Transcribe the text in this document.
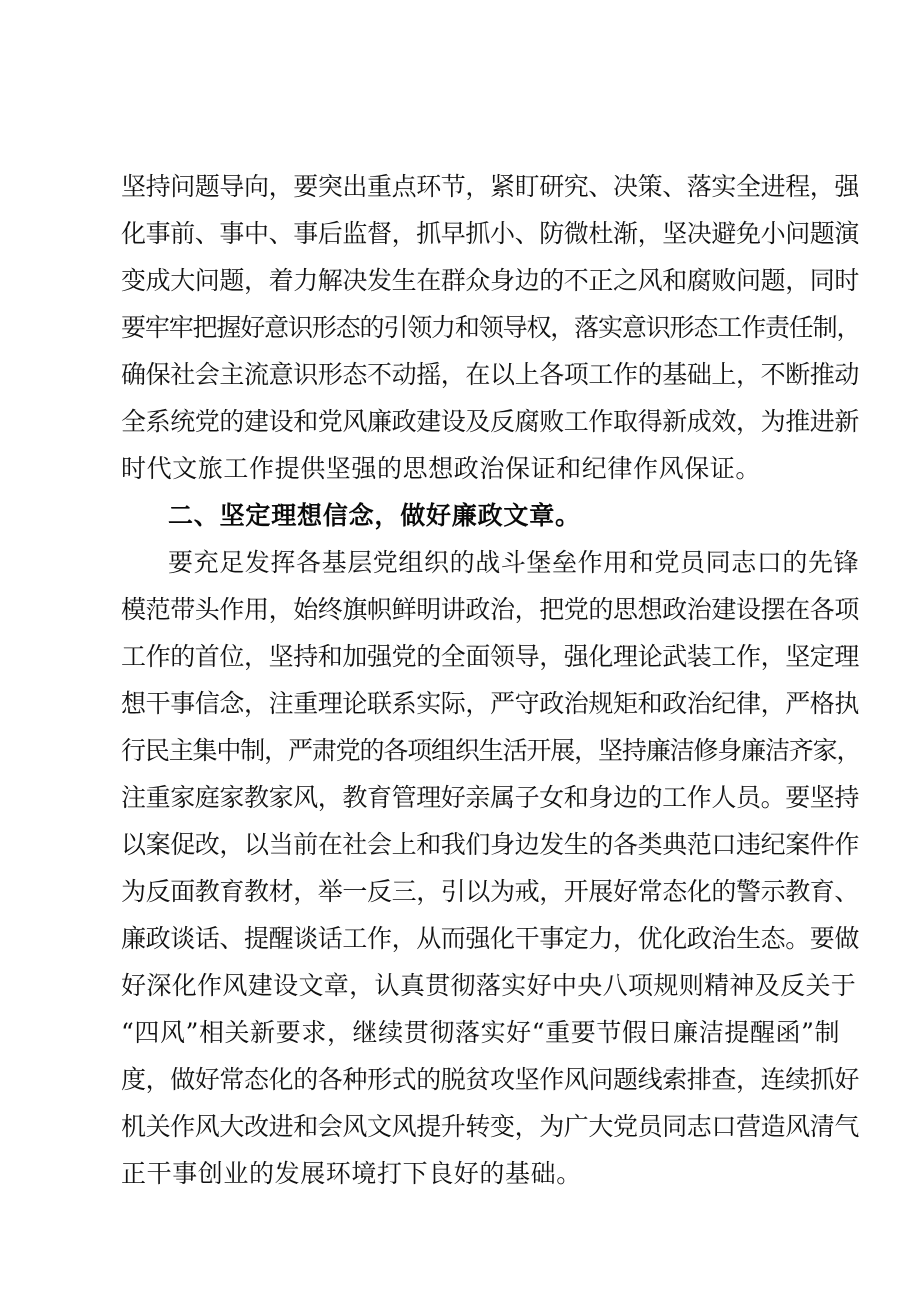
坚持问题导向，要突出重点环节，紧盯研究、决策、落实全进程，强
化事前、事中、事后监督，抓早抓小、防微杜渐，坚决避免小问题演
变成大问题，着力解决发生在群众身边的不正之风和腐败问题，同时
要牢牢把握好意识形态的引领力和领导权，落实意识形态工作责任制，
确保社会主流意识形态不动摇，在以上各项工作的基础上，不断推动
全系统党的建设和党风廉政建设及反腐败工作取得新成效，为推进新
时代文旅工作提供坚强的思想政治保证和纪律作风保证。
二、坚定理想信念，做好廉政文章。
要充足发挥各基层党组织的战斗堡垒作用和党员同志口的先锋
模范带头作用，始终旗帜鲜明讲政治，把党的思想政治建设摆在各项
工作的首位，坚持和加强党的全面领导，强化理论武装工作，坚定理
想干事信念，注重理论联系实际，严守政治规矩和政治纪律，严格执
行民主集中制，严肃党的各项组织生活开展，坚持廉洁修身廉洁齐家，
注重家庭家教家风，教育管理好亲属子女和身边的工作人员。要坚持
以案促改，以当前在社会上和我们身边发生的各类典范口违纪案件作
为反面教育教材，举一反三，引以为戒，开展好常态化的警示教育、
廉政谈话、提醒谈话工作，从而强化干事定力，优化政治生态。要做
好深化作风建设文章，认真贯彻落实好中央八项规则精神及反关于
“四风”相关新要求，继续贯彻落实好“重要节假日廉洁提醒函”制
度，做好常态化的各种形式的脱贫攻坚作风问题线索排查，连续抓好
机关作风大改进和会风文风提升转变，为广大党员同志口营造风清气
正干事创业的发展环境打下良好的基础。
